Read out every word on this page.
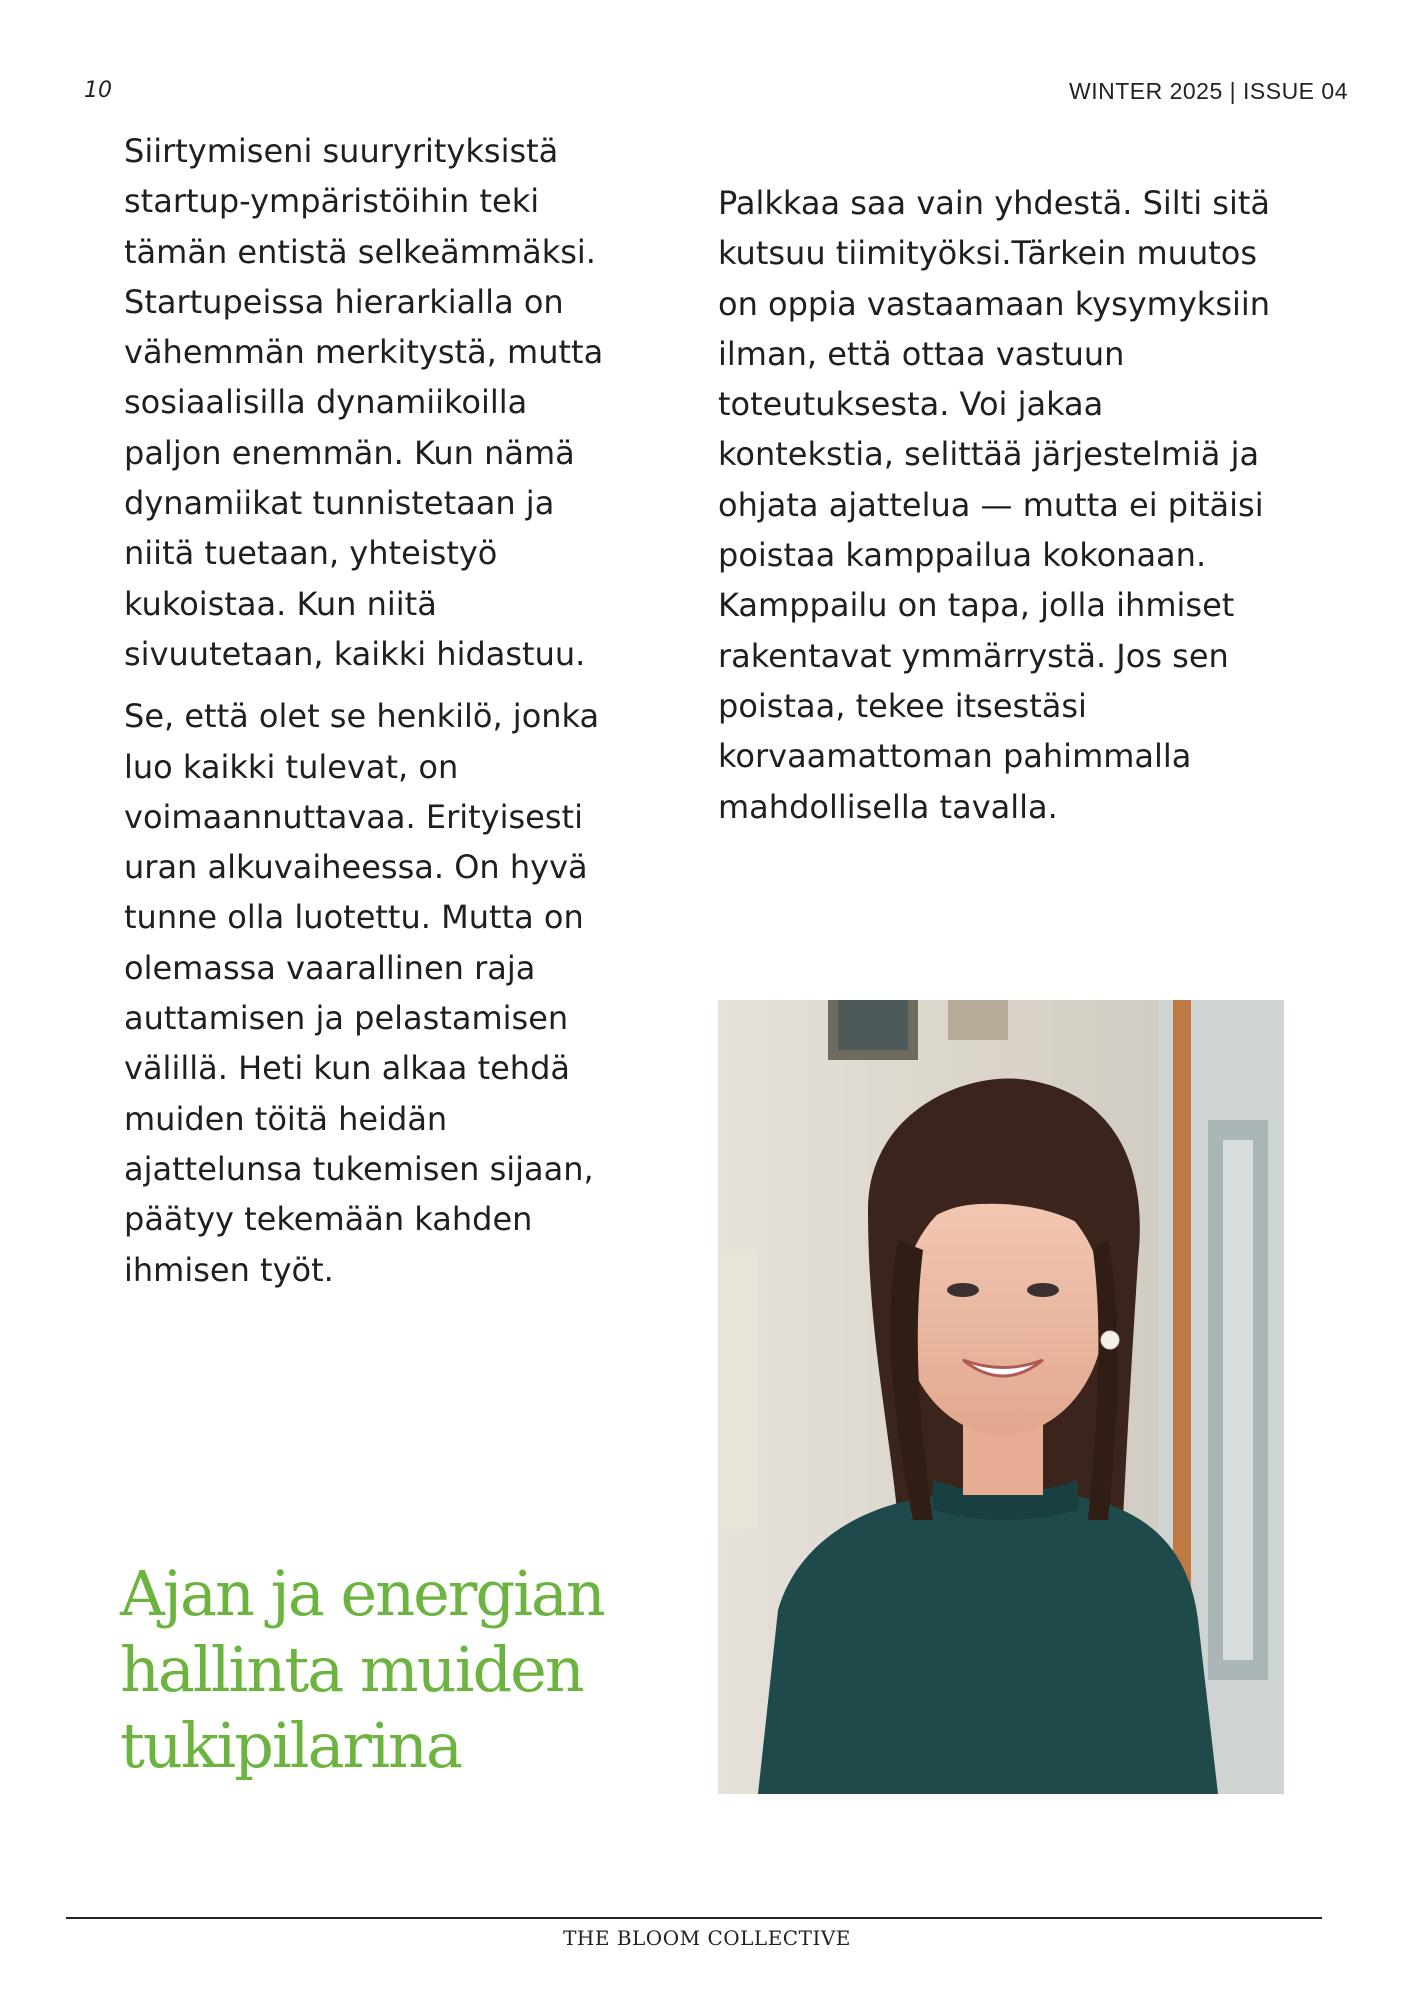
10	WINTER 2025 | ISSUE 04

Siirtymiseni suuryrityksistä startup-ympäristöihin teki tämän entistä selkeämmäksi. Startupeissa hierarkialla on vähemmän merkitystä, mutta sosiaalisilla dynamiikoilla paljon enemmän. Kun nämä dynamiikat tunnistetaan ja niitä tuetaan, yhteistyö kukoistaa. Kun niitä sivuutetaan, kaikki hidastuu.

Se, että olet se henkilö, jonka luo kaikki tulevat, on voimaannuttavaa. Erityisesti uran alkuvaiheessa. On hyvä tunne olla luotettu. Mutta on olemassa vaarallinen raja auttamisen ja pelastamisen välillä. Heti kun alkaa tehdä muiden töitä heidän ajattelunsa tukemisen sijaan, päätyy tekemään kahden ihmisen työt.

Ajan ja energian hallinta muiden tukipilarina

Palkkaa saa vain yhdestä. Silti sitä kutsuu tiimityöksi.Tärkein muutos on oppia vastaamaan kysymyksiin ilman, että ottaa vastuun toteutuksesta. Voi jakaa kontekstia, selittää järjestelmiä ja ohjata ajattelua — mutta ei pitäisi poistaa kamppailua kokonaan. Kamppailu on tapa, jolla ihmiset rakentavat ymmärrystä. Jos sen poistaa, tekee itsestäsi korvaamattoman pahimmalla mahdollisella tavalla.

THE BLOOM COLLECTIVE
